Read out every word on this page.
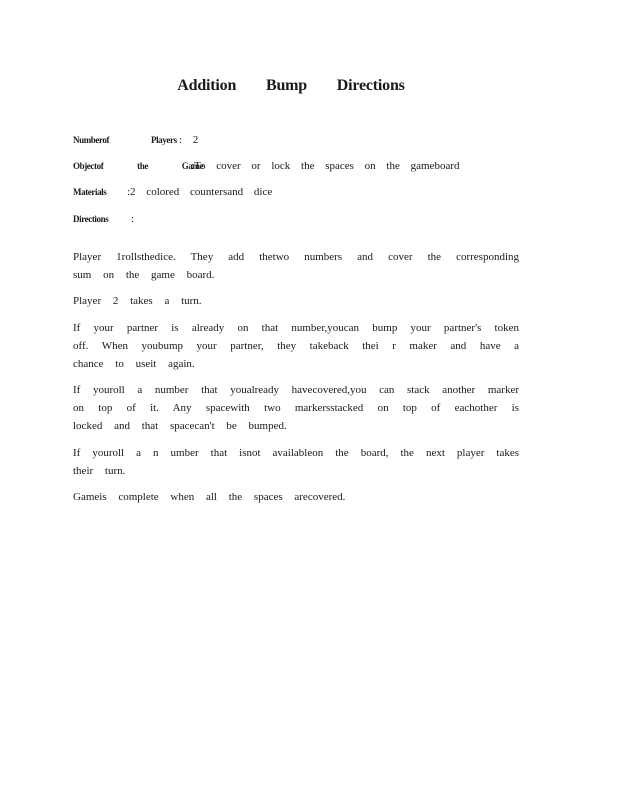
Addition Bump Directions
Numberof Players : 2
Objectof the Game:To cover or lock the spaces on the gameboard
Materials :2 colored countersand dice
Directions :

Player 1rollsthedice. They add thetwo numbers and cover the corresponding sum on the game board.

Player 2 takes a turn.

If your partner is already on that number,youcan bump your partner's token off. When youbump your partner, they takeback thei r maker and have a chance to useit again.

If youroll a number that youalready havecovered,you can stack another marker on top of it. Any spacewith two markersstacked on top of eachother is locked and that spacecan't be bumped.

If youroll a n umber that isnot availableon the board, the next player takes their turn.

Gameis complete when all the spaces arecovered.
